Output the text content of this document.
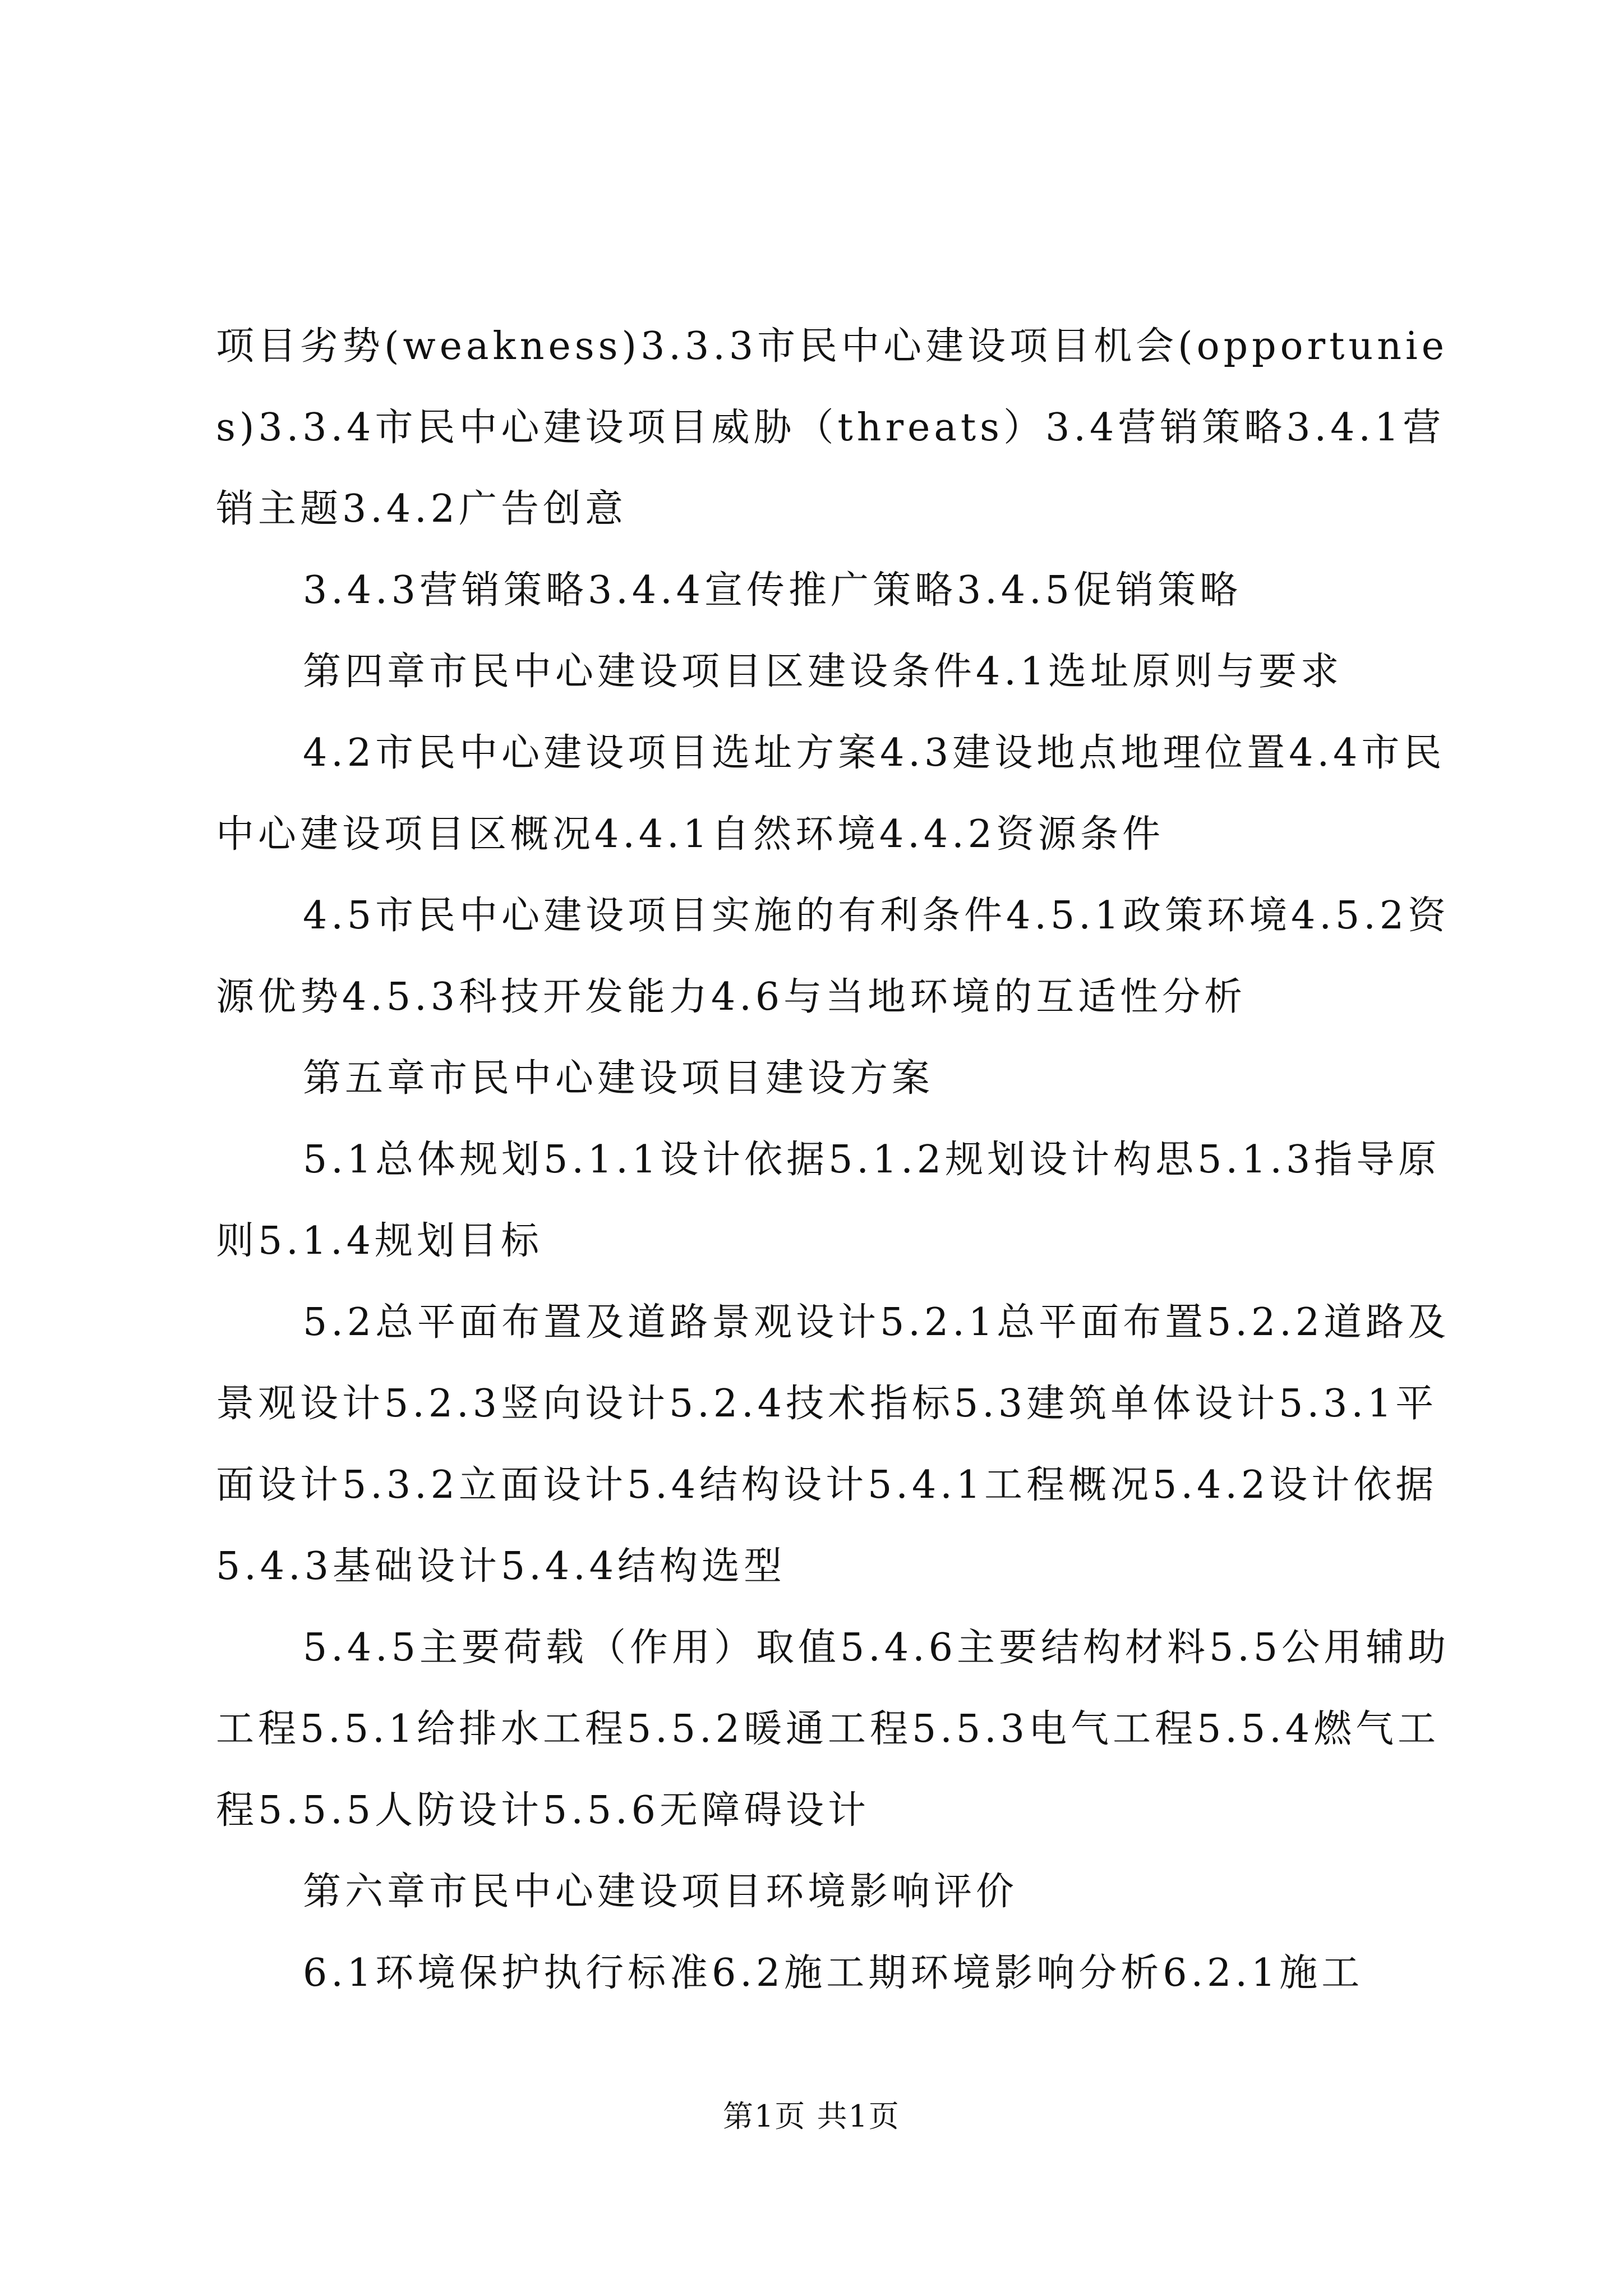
项目劣势(weakness)3.3.3市民中心建设项目机会(opportunies)3.3.4市民中心建设项目威胁（threats）3.4营销策略3.4.1营销主题3.4.2广告创意

3.4.3营销策略3.4.4宣传推广策略3.4.5促销策略

第四章市民中心建设项目区建设条件4.1选址原则与要求

4.2市民中心建设项目选址方案4.3建设地点地理位置4.4市民中心建设项目区概况4.4.1自然环境4.4.2资源条件

4.5市民中心建设项目实施的有利条件4.5.1政策环境4.5.2资源优势4.5.3科技开发能力4.6与当地环境的互适性分析

第五章市民中心建设项目建设方案

5.1总体规划5.1.1设计依据5.1.2规划设计构思5.1.3指导原则5.1.4规划目标

5.2总平面布置及道路景观设计5.2.1总平面布置5.2.2道路及景观设计5.2.3竖向设计5.2.4技术指标5.3建筑单体设计5.3.1平面设计5.3.2立面设计5.4结构设计5.4.1工程概况5.4.2设计依据5.4.3基础设计5.4.4结构选型

5.4.5主要荷载（作用）取值5.4.6主要结构材料5.5公用辅助工程5.5.1给排水工程5.5.2暖通工程5.5.3电气工程5.5.4燃气工程5.5.5人防设计5.5.6无障碍设计

第六章市民中心建设项目环境影响评价

6.1环境保护执行标准6.2施工期环境影响分析6.2.1施工

第1页 共1页
